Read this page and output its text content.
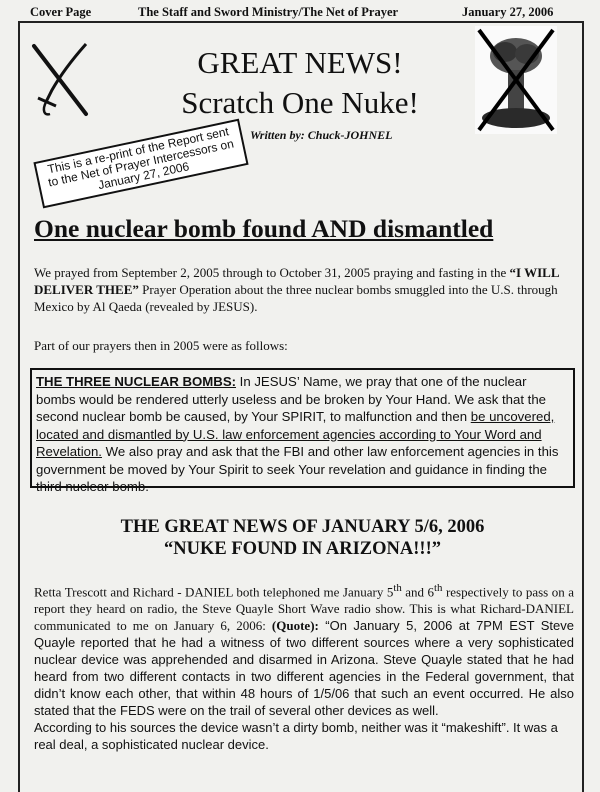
Cover Page	The Staff and Sword Ministry/The Net of Prayer	January 27, 2006
GREAT NEWS!
Scratch One Nuke!
Written by: Chuck-JOHNEL
This is a re-print of the Report sent to the Net of Prayer Intercessors on January 27, 2006
One nuclear bomb found AND dismantled

We prayed from September 2, 2005 through to October 31, 2005 praying and fasting in the “I WILL DELIVER THEE” Prayer Operation about the three nuclear bombs smuggled into the U.S. through Mexico by Al Qaeda (revealed by JESUS).

Part of our prayers then in 2005 were as follows:

THE THREE NUCLEAR BOMBS: In JESUS’ Name, we pray that one of the nuclear bombs would be rendered utterly useless and be broken by Your Hand. We ask that the second nuclear bomb be caused, by Your SPIRIT, to malfunction and then be uncovered, located and dismantled by U.S. law enforcement agencies according to Your Word and Revelation. We also pray and ask that the FBI and other law enforcement agencies in this government be moved by Your Spirit to seek Your revelation and guidance in finding the third nuclear bomb.
THE GREAT NEWS OF JANUARY 5/6, 2006
“NUKE FOUND IN ARIZONA!!!”

Retta Trescott and Richard - DANIEL both telephoned me January 5th and 6th respectively to pass on a report they heard on radio, the Steve Quayle Short Wave radio show. This is what Richard-DANIEL communicated to me on January 6, 2006: (Quote): “On January 5, 2006 at 7PM EST Steve Quayle reported that he had a witness of two different sources where a very sophisticated nuclear device was apprehended and disarmed in Arizona. Steve Quayle stated that he had heard from two different contacts in two different agencies in the Federal government, that didn’t know each other, that within 48 hours of 1/5/06 that such an event occurred. He also stated that the FEDS were on the trail of several other devices as well.

According to his sources the device wasn’t a dirty bomb, neither was it “makeshift”. It was a real deal, a sophisticated nuclear device.
